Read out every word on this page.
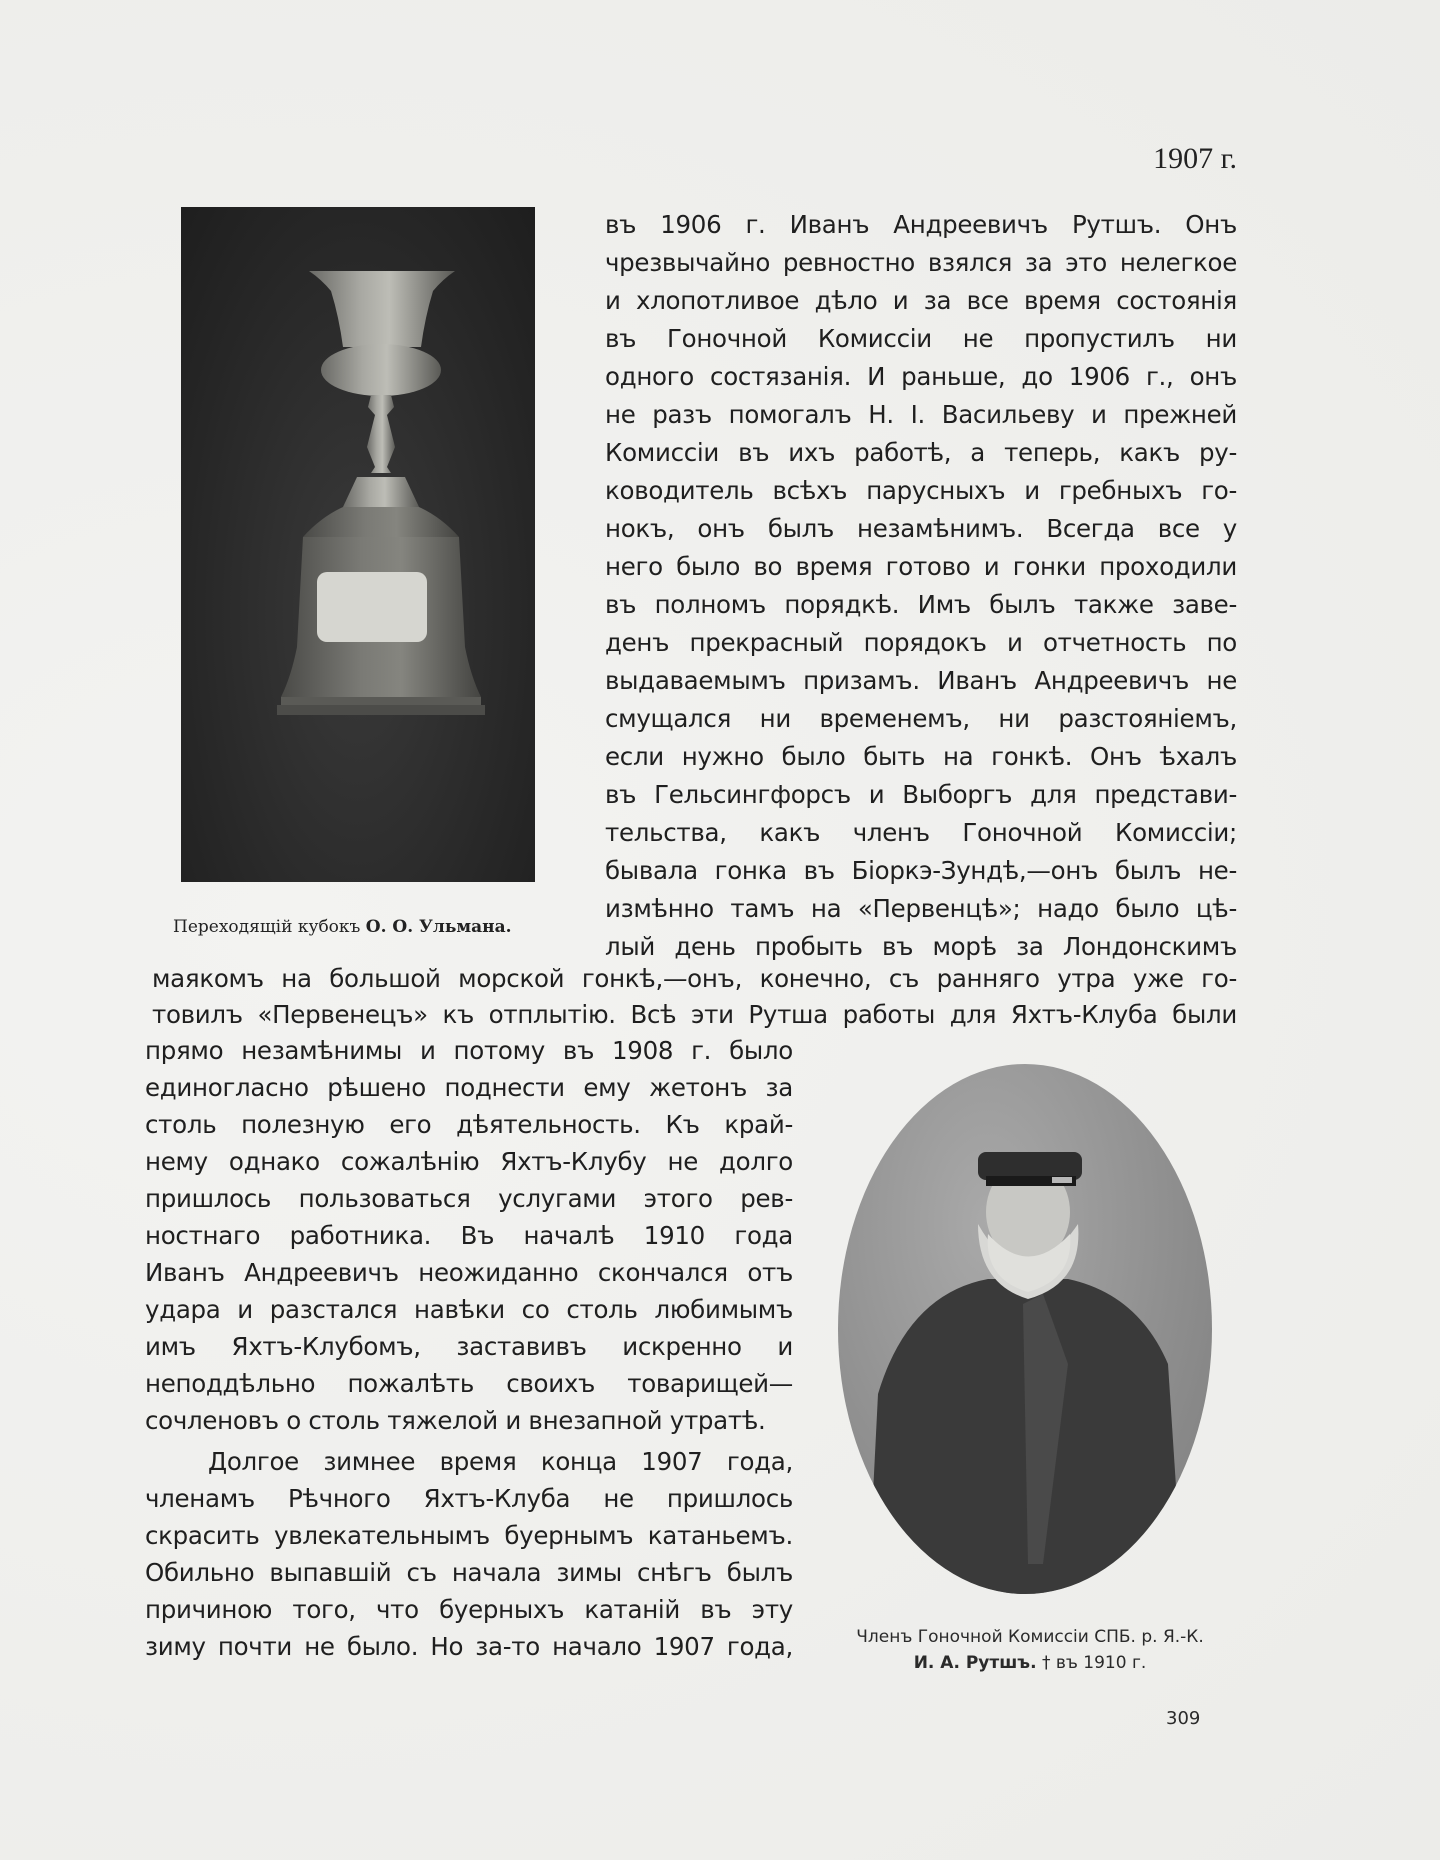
1907 г.
Переходящій кубокъ О. О. Ульмана.
въ 1906 г. Иванъ Андреевичъ Рутшъ. Онъ
чрезвычайно ревностно взялся за это нелегкое
и хлопотливое дѣло и за все время состоянія
въ Гоночной Комиссіи не пропустилъ ни
одного состязанія. И раньше, до 1906 г., онъ
не разъ помогалъ Н. І. Васильеву и прежней
Комиссіи въ ихъ работѣ, а теперь, какъ ру-
ководитель всѣхъ парусныхъ и гребныхъ го-
нокъ, онъ былъ незамѣнимъ. Всегда все у
него было во время готово и гонки проходили
въ полномъ порядкѣ. Имъ былъ также заве-
денъ прекрасный порядокъ и отчетность по
выдаваемымъ призамъ. Иванъ Андреевичъ не
смущался ни временемъ, ни разстояніемъ,
если нужно было быть на гонкѣ. Онъ ѣхалъ
въ Гельсингфорсъ и Выборгъ для представи-
тельства, какъ членъ Гоночной Комиссіи;
бывала гонка въ Біоркэ-Зундѣ,—онъ былъ не-
измѣнно тамъ на «Первенцѣ»; надо было цѣ-
лый день пробыть въ морѣ за Лондонскимъ
маякомъ на большой морской гонкѣ,—онъ, конечно, съ ранняго утра уже го-
товилъ «Первенецъ» къ отплытію. Всѣ эти Рутша работы для Яхтъ-Клуба были
прямо незамѣнимы и потому въ 1908 г. было
единогласно рѣшено поднести ему жетонъ за
столь полезную его дѣятельность. Къ край-
нему однако сожалѣнію Яхтъ-Клубу не долго
пришлось пользоваться услугами этого рев-
ностнаго работника. Въ началѣ 1910 года
Иванъ Андреевичъ неожиданно скончался отъ
удара и разстался навѣки со столь любимымъ
имъ Яхтъ-Клубомъ, заставивъ искренно и
неподдѣльно пожалѣть своихъ товарищей—
сочленовъ о столь тяжелой и внезапной утратѣ.
Долгое зимнее время конца 1907 года,
членамъ Рѣчного Яхтъ-Клуба не пришлось
скрасить увлекательнымъ буернымъ катаньемъ.
Обильно выпавшій съ начала зимы снѣгъ былъ
причиною того, что буерныхъ катаній въ эту
зиму почти не было. Но за-то начало 1907 года,	Членъ Гоночной Комиссіи СПБ. р. Я.-К.
И. А. Рутшъ. † въ 1910 г.
309
